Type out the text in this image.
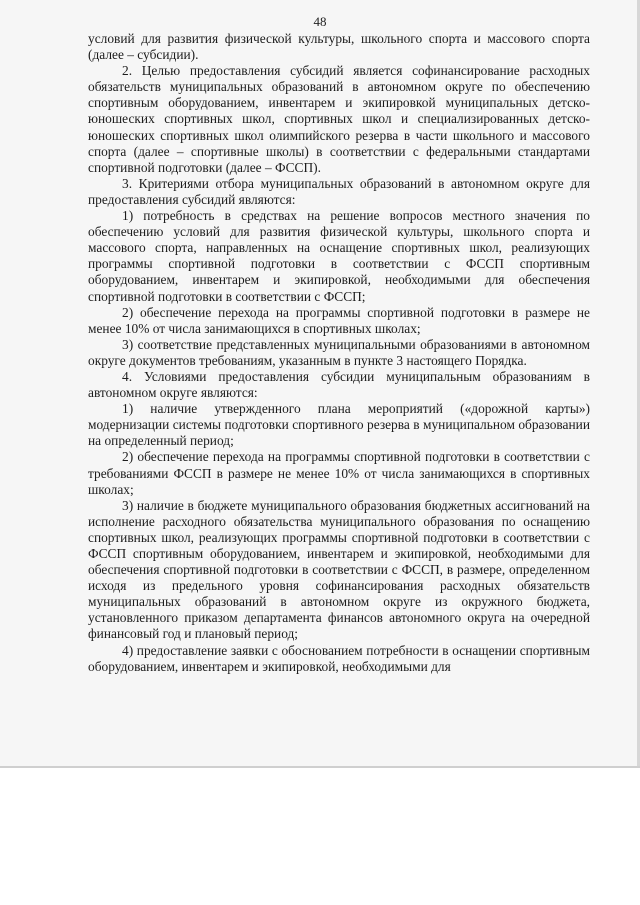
48

условий для развития физической культуры, школьного спорта и массового спорта (далее – субсидии).

2. Целью предоставления субсидий является софинансирование расходных обязательств муниципальных образований в автономном округе по обеспечению спортивным оборудованием, инвентарем и экипировкой муниципальных детско-юношеских спортивных школ, спортивных школ и специализированных детско-юношеских спортивных школ олимпийского резерва в части школьного и массового спорта (далее – спортивные школы) в соответствии с федеральными стандартами спортивной подготовки (далее – ФССП).

3. Критериями отбора муниципальных образований в автономном округе для предоставления субсидий являются:

1) потребность в средствах на решение вопросов местного значения по обеспечению условий для развития физической культуры, школьного спорта и массового спорта, направленных на оснащение спортивных школ, реализующих программы спортивной подготовки в соответствии с ФССП спортивным оборудованием, инвентарем и экипировкой, необходимыми для обеспечения спортивной подготовки в соответствии с ФССП;

2) обеспечение перехода на программы спортивной подготовки в размере не менее 10% от числа занимающихся в спортивных школах;

3) соответствие представленных муниципальными образованиями в автономном округе документов требованиям, указанным в пункте 3 настоящего Порядка.

4. Условиями предоставления субсидии муниципальным образованиям в автономном округе являются:

1) наличие утвержденного плана мероприятий («дорожной карты») модернизации системы подготовки спортивного резерва в муниципальном образовании на определенный период;

2) обеспечение перехода на программы спортивной подготовки в соответствии с требованиями ФССП в размере не менее 10% от числа занимающихся в спортивных школах;

3) наличие в бюджете муниципального образования бюджетных ассигнований на исполнение расходного обязательства муниципального образования по оснащению спортивных школ, реализующих программы спортивной подготовки в соответствии с ФССП спортивным оборудованием, инвентарем и экипировкой, необходимыми для обеспечения спортивной подготовки в соответствии с ФССП, в размере, определенном исходя из предельного уровня софинансирования расходных обязательств муниципальных образований в автономном округе из окружного бюджета, установленного приказом департамента финансов автономного округа на очередной финансовый год и плановый период;

4) предоставление заявки с обоснованием потребности в оснащении спортивным оборудованием, инвентарем и экипировкой, необходимыми для
